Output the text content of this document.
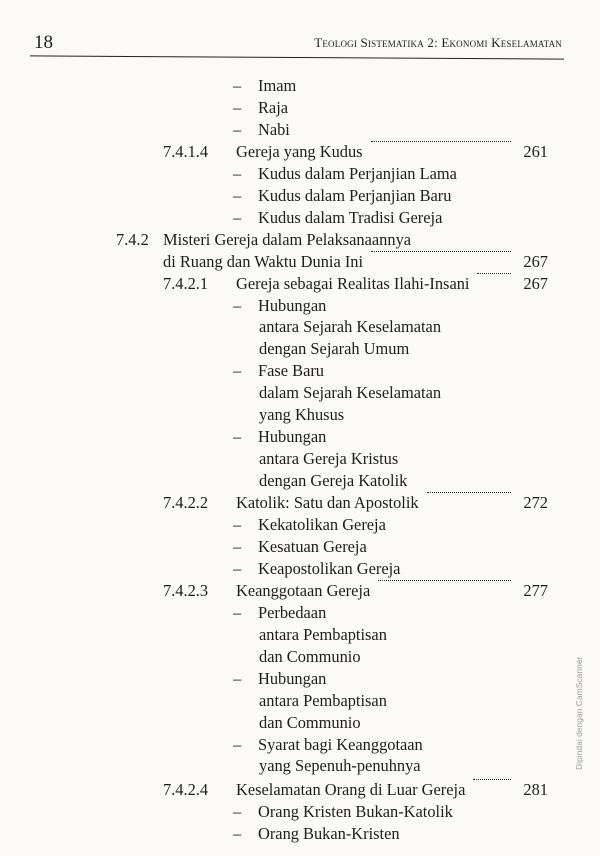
18	Teologi Sistematika 2: Ekonomi Keselamatan
– Imam
– Raja
– Nabi
7.4.1.4 Gereja yang Kudus	261
– Kudus dalam Perjanjian Lama
– Kudus dalam Perjanjian Baru
– Kudus dalam Tradisi Gereja
7.4.2 Misteri Gereja dalam Pelaksanaannya
di Ruang dan Waktu Dunia Ini	267
7.4.2.1 Gereja sebagai Realitas Ilahi-Insani	267
– Hubungan
antara Sejarah Keselamatan
dengan Sejarah Umum
– Fase Baru
dalam Sejarah Keselamatan
yang Khusus
– Hubungan
antara Gereja Kristus
dengan Gereja Katolik
7.4.2.2 Katolik: Satu dan Apostolik	272
– Kekatolikan Gereja
– Kesatuan Gereja
– Keapostolikan Gereja
7.4.2.3 Keanggotaan Gereja	277
– Perbedaan
antara Pembaptisan
dan Communio
– Hubungan
antara Pembaptisan
dan Communio
– Syarat bagi Keanggotaan
yang Sepenuh-penuhnya
7.4.2.4 Keselamatan Orang di Luar Gereja	281
– Orang Kristen Bukan-Katolik
– Orang Bukan-Kristen
Dipindai dengan CamScanner
